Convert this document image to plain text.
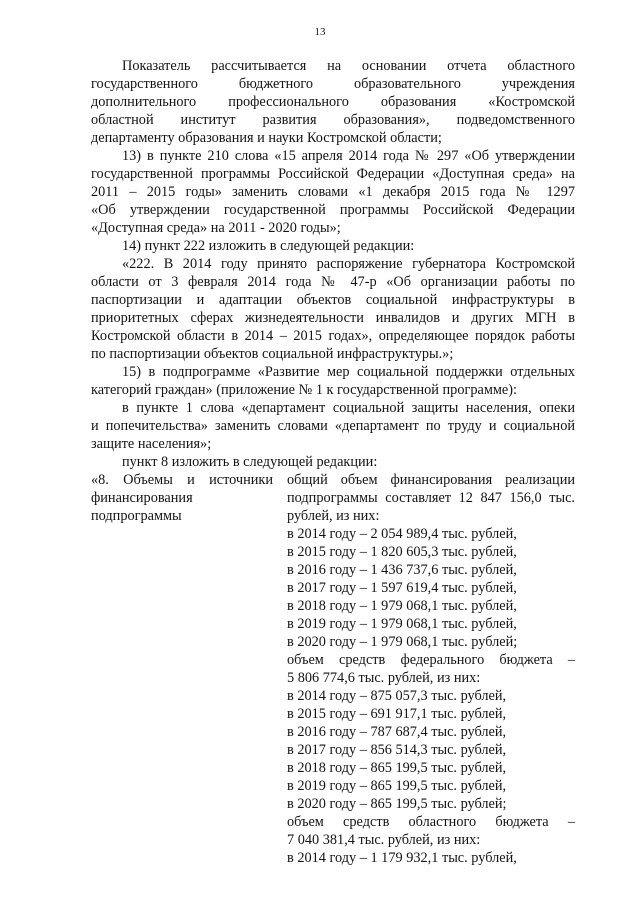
13
Показатель рассчитывается на основании отчета областного
государственного бюджетного образовательного учреждения
дополнительного профессионального образования «Костромской
областной институт развития образования», подведомственного
департаменту образования и науки Костромской области;
13) в пункте 210 слова «15 апреля 2014 года № 297 «Об утверждении
государственной программы Российской Федерации «Доступная среда» на
2011 – 2015 годы» заменить словами «1 декабря 2015 года № 1297
«Об утверждении государственной программы Российской Федерации
«Доступная среда» на 2011 - 2020 годы»;
14) пункт 222 изложить в следующей редакции:
«222. В 2014 году принято распоряжение губернатора Костромской
области от 3 февраля 2014 года № 47-р «Об организации работы по
паспортизации и адаптации объектов социальной инфраструктуры в
приоритетных сферах жизнедеятельности инвалидов и других МГН в
Костромской области в 2014 – 2015 годах», определяющее порядок работы
по паспортизации объектов социальной инфраструктуры.»;
15) в подпрограмме «Развитие мер социальной поддержки отдельных
категорий граждан» (приложение № 1 к государственной программе):
в пункте 1 слова «департамент социальной защиты населения, опеки
и попечительства» заменить словами «департамент по труду и социальной
защите населения»;
пункт 8 изложить в следующей редакции:
«8. Объемы и источники
финансирования
подпрограммы
общий объем финансирования реализации
подпрограммы составляет 12 847 156,0 тыс.
рублей, из них:
в 2014 году – 2 054 989,4 тыс. рублей,
в 2015 году – 1 820 605,3 тыс. рублей,
в 2016 году – 1 436 737,6 тыс. рублей,
в 2017 году – 1 597 619,4 тыс. рублей,
в 2018 году – 1 979 068,1 тыс. рублей,
в 2019 году – 1 979 068,1 тыс. рублей,
в 2020 году – 1 979 068,1 тыс. рублей;
объем средств федерального бюджета –
5 806 774,6 тыс. рублей, из них:
в 2014 году – 875 057,3 тыс. рублей,
в 2015 году – 691 917,1 тыс. рублей,
в 2016 году – 787 687,4 тыс. рублей,
в 2017 году – 856 514,3 тыс. рублей,
в 2018 году – 865 199,5 тыс. рублей,
в 2019 году – 865 199,5 тыс. рублей,
в 2020 году – 865 199,5 тыс. рублей;
объем средств областного бюджета –
7 040 381,4 тыс. рублей, из них:
в 2014 году – 1 179 932,1 тыс. рублей,
